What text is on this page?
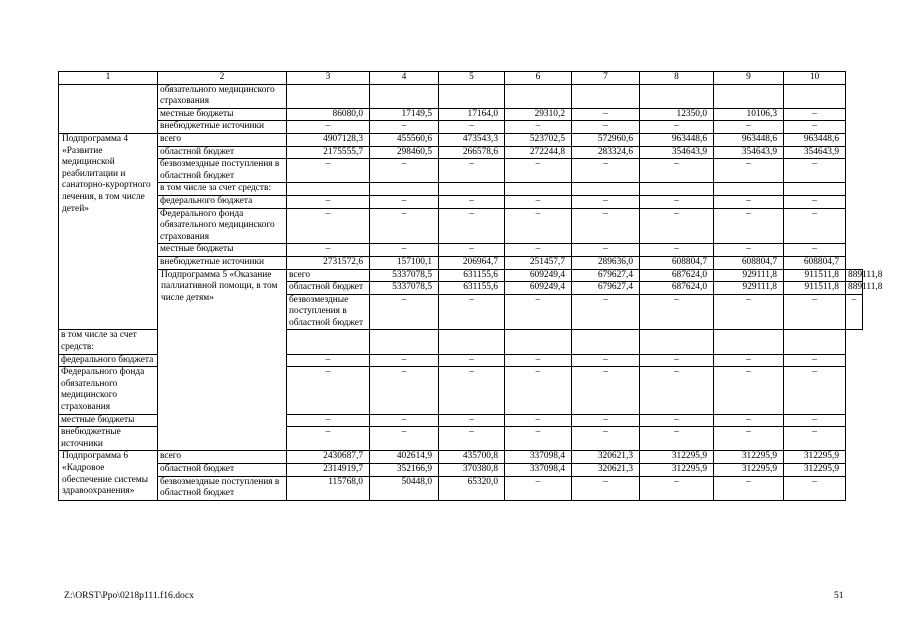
1	2	3	4	5	6	7	8	9	10	
	обязательного медицинского страхования									
	местные бюджеты	86080,0	17149,5	17164,0	29310,2	–	12350,0	10106,3	–	
	внебюджетные источники	–	–	–	–	–	–	–	–	
Подпрограмма 4 «Развитие медицинской реабилитации и санаторно-курортного лечения, в том числе детей»	всего	4907128,3	455560,6	473543,3	523702,5	572960,6	963448,6	963448,6	963448,6	
	областной бюджет	2175555,7	298460,5	266578,6	272244,8	283324,6	354643,9	354643,9	354643,9	
	безвозмездные поступления в областной бюджет	–	–	–	–	–	–	–	–	
	в том числе за счет средств:									
	федерального бюджета	–	–	–	–	–	–	–	–	
	Федерального фонда обязательного медицинского страхования	–	–	–	–	–	–	–	–	
	местные бюджеты	–	–	–	–	–	–	–	–	
	внебюджетные источники	2731572,6	157100,1	206964,7	251457,7	289636,0	608804,7	608804,7	608804,7	
	Подпрограмма 5 «Оказание паллиативной помощи, в том числе детям»	всего	5337078,5	631155,6	609249,4	679627,4	687624,0	929111,8	911511,8	889111,8
		областной бюджет	5337078,5	631155,6	609249,4	679627,4	687624,0	929111,8	911511,8	889111,8
		безвозмездные поступления в областной бюджет	–	–	–	–	–	–	–	–
в том числе за счет средств:										
федерального бюджета		–	–	–	–	–	–	–	–	
Федерального фонда обязательного медицинского страхования		–	–	–	–	–	–	–	–	
местные бюджеты		–	–	–	–	–	–	–	–	
внебюджетные источники		–	–	–	–	–	–	–	–	
Подпрограмма 6 «Кадровое обеспечение системы здравоохранения»	всего	2430687,7	402614,9	435700,8	337098,4	320621,3	312295,9	312295,9	312295,9	
	областной бюджет	2314919,7	352166,9	370380,8	337098,4	320621,3	312295,9	312295,9	312295,9	
	безвозмездные поступления в областной бюджет	115768,0	50448,0	65320,0	–	–	–	–	–	
Z:\ORST\Ppo\0218p111.f16.docx	51
